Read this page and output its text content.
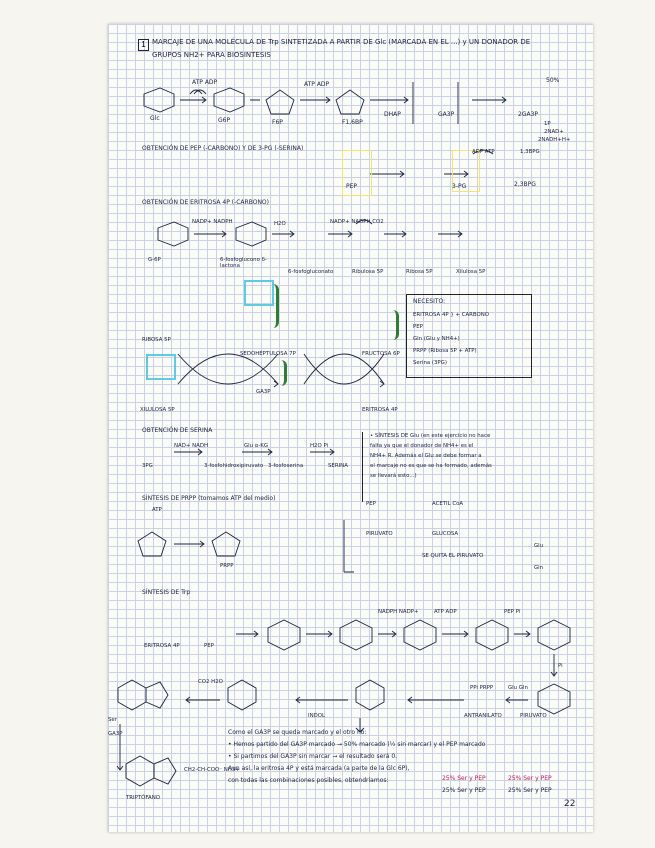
1 MARCAJE DE UNA MOLÉCULA DE Trp SINTETIZADA A PARTIR DE Glc (MARCADA EN EL ...) y UN DONADOR DE
GRUPOS NH2+ PARA BIOSINTESIS
ATP ADP	ATP ADP
Glc	G6P	F6P	F1,6BP
DHAP	GA3P	2GA3P
50%
1P
2NAD+
2NADH+H+
OBTENCIÓN DE PEP (-CARBONO) Y DE 3-PG (-SERINA)
PEP	3-PG	2,3BPG
ADP ATP	1,3BPG
OBTENCIÓN DE ERITROSA 4P (-CARBONO)
NADP+ NADPH	H2O	NADP+ NADPH CO2
G-6P	6-fosfoglucono δ-lactona
6-fosfogluconato	Ribulosa 5P	Ribosa 5P	Xilulosa 5P
RIBOSA 5P
SEDOHEPTULOSA 7P	FRUCTOSA 6P
XILULOSA 5P
GA3P
ERITROSA 4P
NECESITO:
ERITROSA 4P } + CARBONO
PEP
Gln (Glu y NH4+)
PRPP (Ribosa 5P + ATP)
Serina (3PG)
OBTENCIÓN DE SERINA
NAD+ NADH	Glu α-KG	H2O Pi
3PG	3-fosfohidroxipiruvato 3-fosfoserina	SERINA
• SÍNTESIS DE Glu (en este ejercicio no hace
falta ya que el donador de NH4+ es el
NH4+ R. Además el Glu se debe formar a
el marcaje no es que se ha formado, además
se llevará esto...)
SÍNTESIS DE PRPP (tomamos ATP del medio)
ATP
PRPP
PEP
PIRUVATO
ACETIL CoA
GLUCOSA
Glu
Gln
SE QUITA EL PIRUVATO
SÍNTESIS DE Trp
ERITROSA 4P	PEP
NADPH NADP+	ATP ADP	PEP Pi
Pi
PPi PRPP	Glu Gln
ANTRANILATO	PIRUVATO
CO2 H2O
INDOL
Ser
GA3P
CH2-CH-COO⁻ NH3+
TRIPTÓFANO
Como el GA3P se queda marcado y el otro no:
• Hemos partido del GA3P marcado → 50% marcado (½ sin marcar) y el PEP marcado
• Si partimos del GA3P sin marcar → el resultado será 0.
Aun así, la eritrosa 4P y está marcada (a parte de la Glc 6P),
con todas las combinaciones posibles, obtendríamos:	25% Ser y PEP	25% Ser y PEP
25% Ser y PEP	25% Ser y PEP
22
